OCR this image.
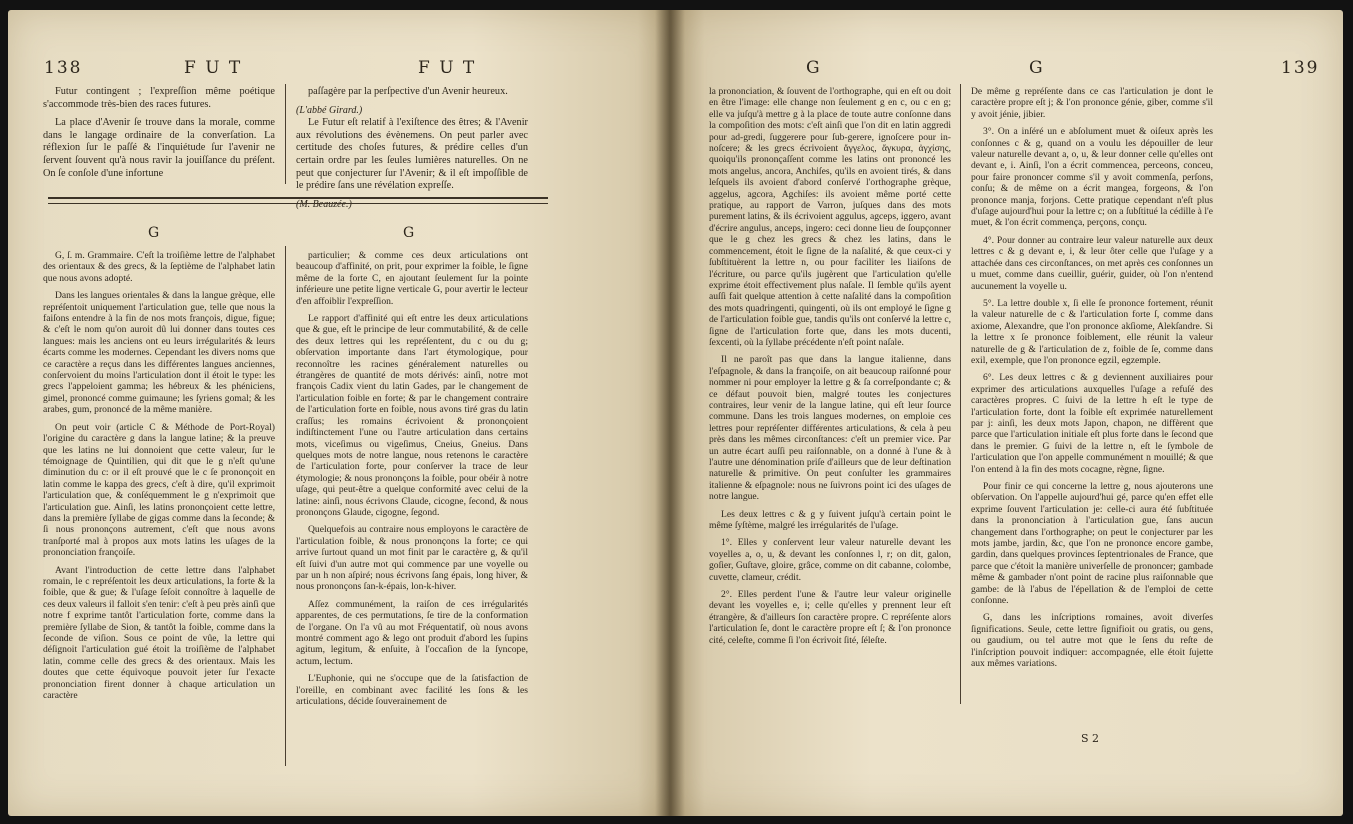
138	F U T	F U T

Futur contingent ; l'expreſſion même poétique s'accommode très-bien des races futures.

La place d'Avenir ſe trouve dans la morale, comme dans le langage ordinaire de la converſation. La réflexion ſur le paſſé & l'inquiétude ſur l'avenir ne ſervent ſouvent qu'à nous ravir la jouiſſance du préſent. On ſe conſole d'une infortune

paſſagère par la perſpective d'un Avenir heureux.

(L'abbé Girard.)

Le Futur eſt relatif à l'exiſtence des êtres; & l'Avenir aux révolutions des évènemens. On peut parler avec certitude des choſes futures, & prédire celles d'un certain ordre par les ſeules lumières naturelles. On ne peut que conjecturer ſur l'Avenir; & il eſt impoſſible de le prédire ſans une révélation expreſſe.

(M. Beauzée.)
G	G

G, ſ. m. Grammaire. C'eſt la troiſième lettre de l'alphabet des orientaux & des grecs, & la ſeptième de l'alphabet latin que nous avons adopté.

Dans les langues orientales & dans la langue grèque, elle repréſentoit uniquement l'articulation gue, telle que nous la faiſons entendre à la fin de nos mots françois, digue, figue; & c'eſt le nom qu'on auroit dû lui donner dans toutes ces langues: mais les anciens ont eu leurs irrégularités & leurs écarts comme les modernes. Cependant les divers noms que ce caractère a reçus dans les différentes langues anciennes, conſervoient du moins l'articulation dont il étoit le type: les grecs l'appeloient gamma; les hébreux & les phéniciens, gimel, prononcé comme guimaune; les ſyriens gomal; & les arabes, gum, prononcé de la même manière.

On peut voir (article C & Méthode de Port-Royal) l'origine du caractère g dans la langue latine; & la preuve que les latins ne lui donnoient que cette valeur, ſur le témoignage de Quintilien, qui dit que le g n'eſt qu'une diminution du c: or il eſt prouvé que le c ſe prononçoit en latin comme le kappa des grecs, c'eſt à dire, qu'il exprimoit l'articulation que, & conſéquemment le g n'exprimoit que l'articulation gue. Ainſi, les latins prononçoient cette lettre, dans la première ſyllabe de gigas comme dans la ſeconde; & ſi nous prononçons autrement, c'eſt que nous avons tranſporté mal à propos aux mots latins les uſages de la prononciation françoiſe.

Avant l'introduction de cette lettre dans l'alphabet romain, le c repréſentoit les deux articulations, la forte & la foible, que & gue; & l'uſage ſeſoit connoître à laquelle de ces deux valeurs il falloit s'en tenir: c'eſt à peu près ainſi que notre f exprime tantôt l'articulation forte, comme dans la première ſyllabe de Sion, & tantôt la foible, comme dans la ſeconde de viſion. Sous ce point de vûe, la lettre qui déſignoit l'articulation gué étoit la troiſième de l'alphabet latin, comme celle des grecs & des orientaux. Mais les doutes que cette équivoque pouvoit jeter ſur l'exacte prononciation firent donner à chaque articulation un caractère

particulier; & comme ces deux articulations ont beaucoup d'affinité, on prit, pour exprimer la foible, le ſigne même de la forte C, en ajoutant ſeulement ſur la pointe inférieure une petite ligne verticale G, pour avertir le lecteur d'en affoiblir l'expreſſion.

Le rapport d'affinité qui eſt entre les deux articulations que & gue, eſt le principe de leur commutabilité, & de celle des deux lettres qui les repréſentent, du c ou du g; obſervation importante dans l'art étymologique, pour reconnoître les racines généralement naturelles ou étrangères de quantité de mots dérivés: ainſi, notre mot françois Cadix vient du latin Gades, par le changement de l'articulation foible en forte; & par le changement contraire de l'articulation forte en foible, nous avons tiré gras du latin craſſus; les romains écrivoient & prononçoient indiſtinctement l'une ou l'autre articulation dans certains mots, viceſimus ou vigeſimus, Cneius, Gneius. Dans quelques mots de notre langue, nous retenons le caractère de l'articulation forte, pour conſerver la trace de leur étymologie; & nous prononçons la foible, pour obéir à notre uſage, qui peut-être a quelque conformité avec celui de la latine: ainſi, nous écrivons Claude, cicogne, ſecond, & nous prononçons Glaude, cigogne, ſegond.

Quelquefois au contraire nous employons le caractère de l'articulation foible, & nous prononçons la forte; ce qui arrive ſurtout quand un mot finit par le caractère g, & qu'il eſt ſuivi d'un autre mot qui commence par une voyelle ou par un h non aſpiré; nous écrivons ſang épais, long hiver, & nous prononçons ſan-k-épais, lon-k-hiver.

Aſſez communément, la raiſon de ces irrégularités apparentes, de ces permutations, ſe tire de la conformation de l'organe. On l'a vû au mot Fréquentatif, où nous avons montré comment ago & lego ont produit d'abord les ſupins agitum, legitum, & enſuite, à l'occaſion de la ſyncope, actum, lectum.

L'Euphonie, qui ne s'occupe que de la ſatisfaction de l'oreille, en combinant avec facilité les ſons & les articulations, décide ſouverainement de

G	G	139

la prononciation, & ſouvent de l'orthographe, qui en eſt ou doit en être l'image: elle change non ſeulement g en c, ou c en g; elle va juſqu'à mettre g à la place de toute autre conſonne dans la compoſition des mots: c'eſt ainſi que l'on dit en latin aggredi pour ad-gredi, ſuggerere pour ſub-gerere, ignoſcere pour in-noſcere; & les grecs écrivoient ἄγγελος, ἄγκυρα, ἀγχίσης, quoiqu'ils prononçaſſent comme les latins ont prononcé les mots angelus, ancora, Anchiſes, qu'ils en avoient tirés, & dans leſquels ils avoient d'abord conſervé l'orthographe grèque, aggelus, agcora, Agchiſes: ils avoient même porté cette pratique, au rapport de Varron, juſques dans des mots purement latins, & ils écrivoient aggulus, agceps, iggero, avant d'écrire angulus, anceps, ingero: ceci donne lieu de ſoupçonner que le g chez les grecs & chez les latins, dans le commencement, étoit le ſigne de la naſalité, & que ceux-ci y ſubſtituèrent la lettre n, ou pour faciliter les liaiſons de l'écriture, ou parce qu'ils jugèrent que l'articulation qu'elle exprime étoit effectivement plus naſale. Il ſemble qu'ils ayent auſſi fait quelque attention à cette naſalité dans la compoſition des mots quadringenti, quingenti, où ils ont employé le ſigne g de l'articulation foible gue, tandis qu'ils ont conſervé la lettre c, ſigne de l'articulation forte que, dans les mots ducenti, ſexcenti, où la ſyllabe précédente n'eſt point naſale.

Il ne paroît pas que dans la langue italienne, dans l'eſpagnole, & dans la françoiſe, on ait beaucoup raiſonné pour nommer ni pour employer la lettre g & ſa correſpondante c; & ce défaut pouvoit bien, malgré toutes les conjectures contraires, leur venir de la langue latine, qui eſt leur ſource commune. Dans les trois langues modernes, on emploie ces lettres pour repréſenter différentes articulations, & cela à peu près dans les mêmes circonſtances: c'eſt un premier vice. Par un autre écart auſſi peu raiſonnable, on a donné à l'une & à l'autre une dénomination priſe d'ailleurs que de leur deſtination naturelle & primitive. On peut conſulter les grammaires italienne & eſpagnole: nous ne ſuivrons point ici des uſages de notre langue.

Les deux lettres c & g y ſuivent juſqu'à certain point le même ſyſtème, malgré les irrégularités de l'uſage.

1°. Elles y conſervent leur valeur naturelle devant les voyelles a, o, u, & devant les conſonnes l, r; on dit, galon, goſier, Guſtave, gloire, grâce, comme on dit cabanne, colombe, cuvette, clameur, crédit.

2°. Elles perdent l'une & l'autre leur valeur originelle devant les voyelles e, i; celle qu'elles y prennent leur eſt étrangère, & d'ailleurs ſon caractère propre. C repréſente alors l'articulation ſe, dont le caractère propre eſt ſ; & l'on prononce cité, celeſte, comme ſi l'on écrivoit ſité, ſéleſte.

De même g repréſente dans ce cas l'articulation je dont le caractère propre eſt j; & l'on prononce génie, giber, comme s'il y avoit jénie, jibier.

3°. On a inſéré un e abſolument muet & oiſeux après les conſonnes c & g, quand on a voulu les dépouiller de leur valeur naturelle devant a, o, u, & leur donner celle qu'elles ont devant e, i. Ainſi, l'on a écrit commenceа, perceons, conceu, pour faire prononcer comme s'il y avoit commenſa, perſons, conſu; & de même on a écrit mangea, forgeons, & l'on prononce manja, forjons. Cette pratique cependant n'eſt plus d'uſage aujourd'hui pour la lettre c; on a ſubſtitué la cédille à l'e muet, & l'on écrit commença, perçons, conçu.

4°. Pour donner au contraire leur valeur naturelle aux deux lettres c & g devant e, i, & leur ôter celle que l'uſage y a attachée dans ces circonſtances, on met après ces conſonnes un u muet, comme dans cueillir, guérir, guider, où l'on n'entend aucunement la voyelle u.

5°. La lettre double x, ſi elle ſe prononce fortement, réunit la valeur naturelle de c & l'articulation forte ſ, comme dans axiome, Alexandre, que l'on prononce akſiome, Alekſandre. Si la lettre x ſe prononce foiblement, elle réunit la valeur naturelle de g & l'articulation de z, foible de ſe, comme dans exil, exemple, que l'on prononce egzil, egzemple.

6°. Les deux lettres c & g deviennent auxiliaires pour exprimer des articulations auxquelles l'uſage a refuſé des caractères propres. C ſuivi de la lettre h eſt le type de l'articulation forte, dont la foible eſt exprimée naturellement par j: ainſi, les deux mots Japon, chapon, ne diffèrent que parce que l'articulation initiale eſt plus forte dans le ſecond que dans le premier. G ſuivi de la lettre n, eſt le ſymbole de l'articulation que l'on appelle communément n mouillé; & que l'on entend à la fin des mots cocagne, règne, ſigne.

Pour finir ce qui concerne la lettre g, nous ajouterons une obſervation. On l'appelle aujourd'hui gé, parce qu'en effet elle exprime ſouvent l'articulation je: celle-ci aura été ſubſtituée dans la prononciation à l'articulation gue, ſans aucun changement dans l'orthographe; on peut le conjecturer par les mots jambe, jardin, &c, que l'on ne prononce encore gambe, gardin, dans quelques provinces ſeptentrionales de France, que parce que c'étoit la manière univerſelle de prononcer; gambade même & gambader n'ont point de racine plus raiſonnable que gambe: de là l'abus de l'épellation & de l'emploi de cette conſonne.

G, dans les inſcriptions romaines, avoit diverſes ſignifications. Seule, cette lettre ſignifioit ou gratis, ou gens, ou gaudium, ou tel autre mot que le ſens du reſte de l'inſcription pouvoit indiquer: accompagnée, elle étoit ſujette aux mêmes variations.

S 2
